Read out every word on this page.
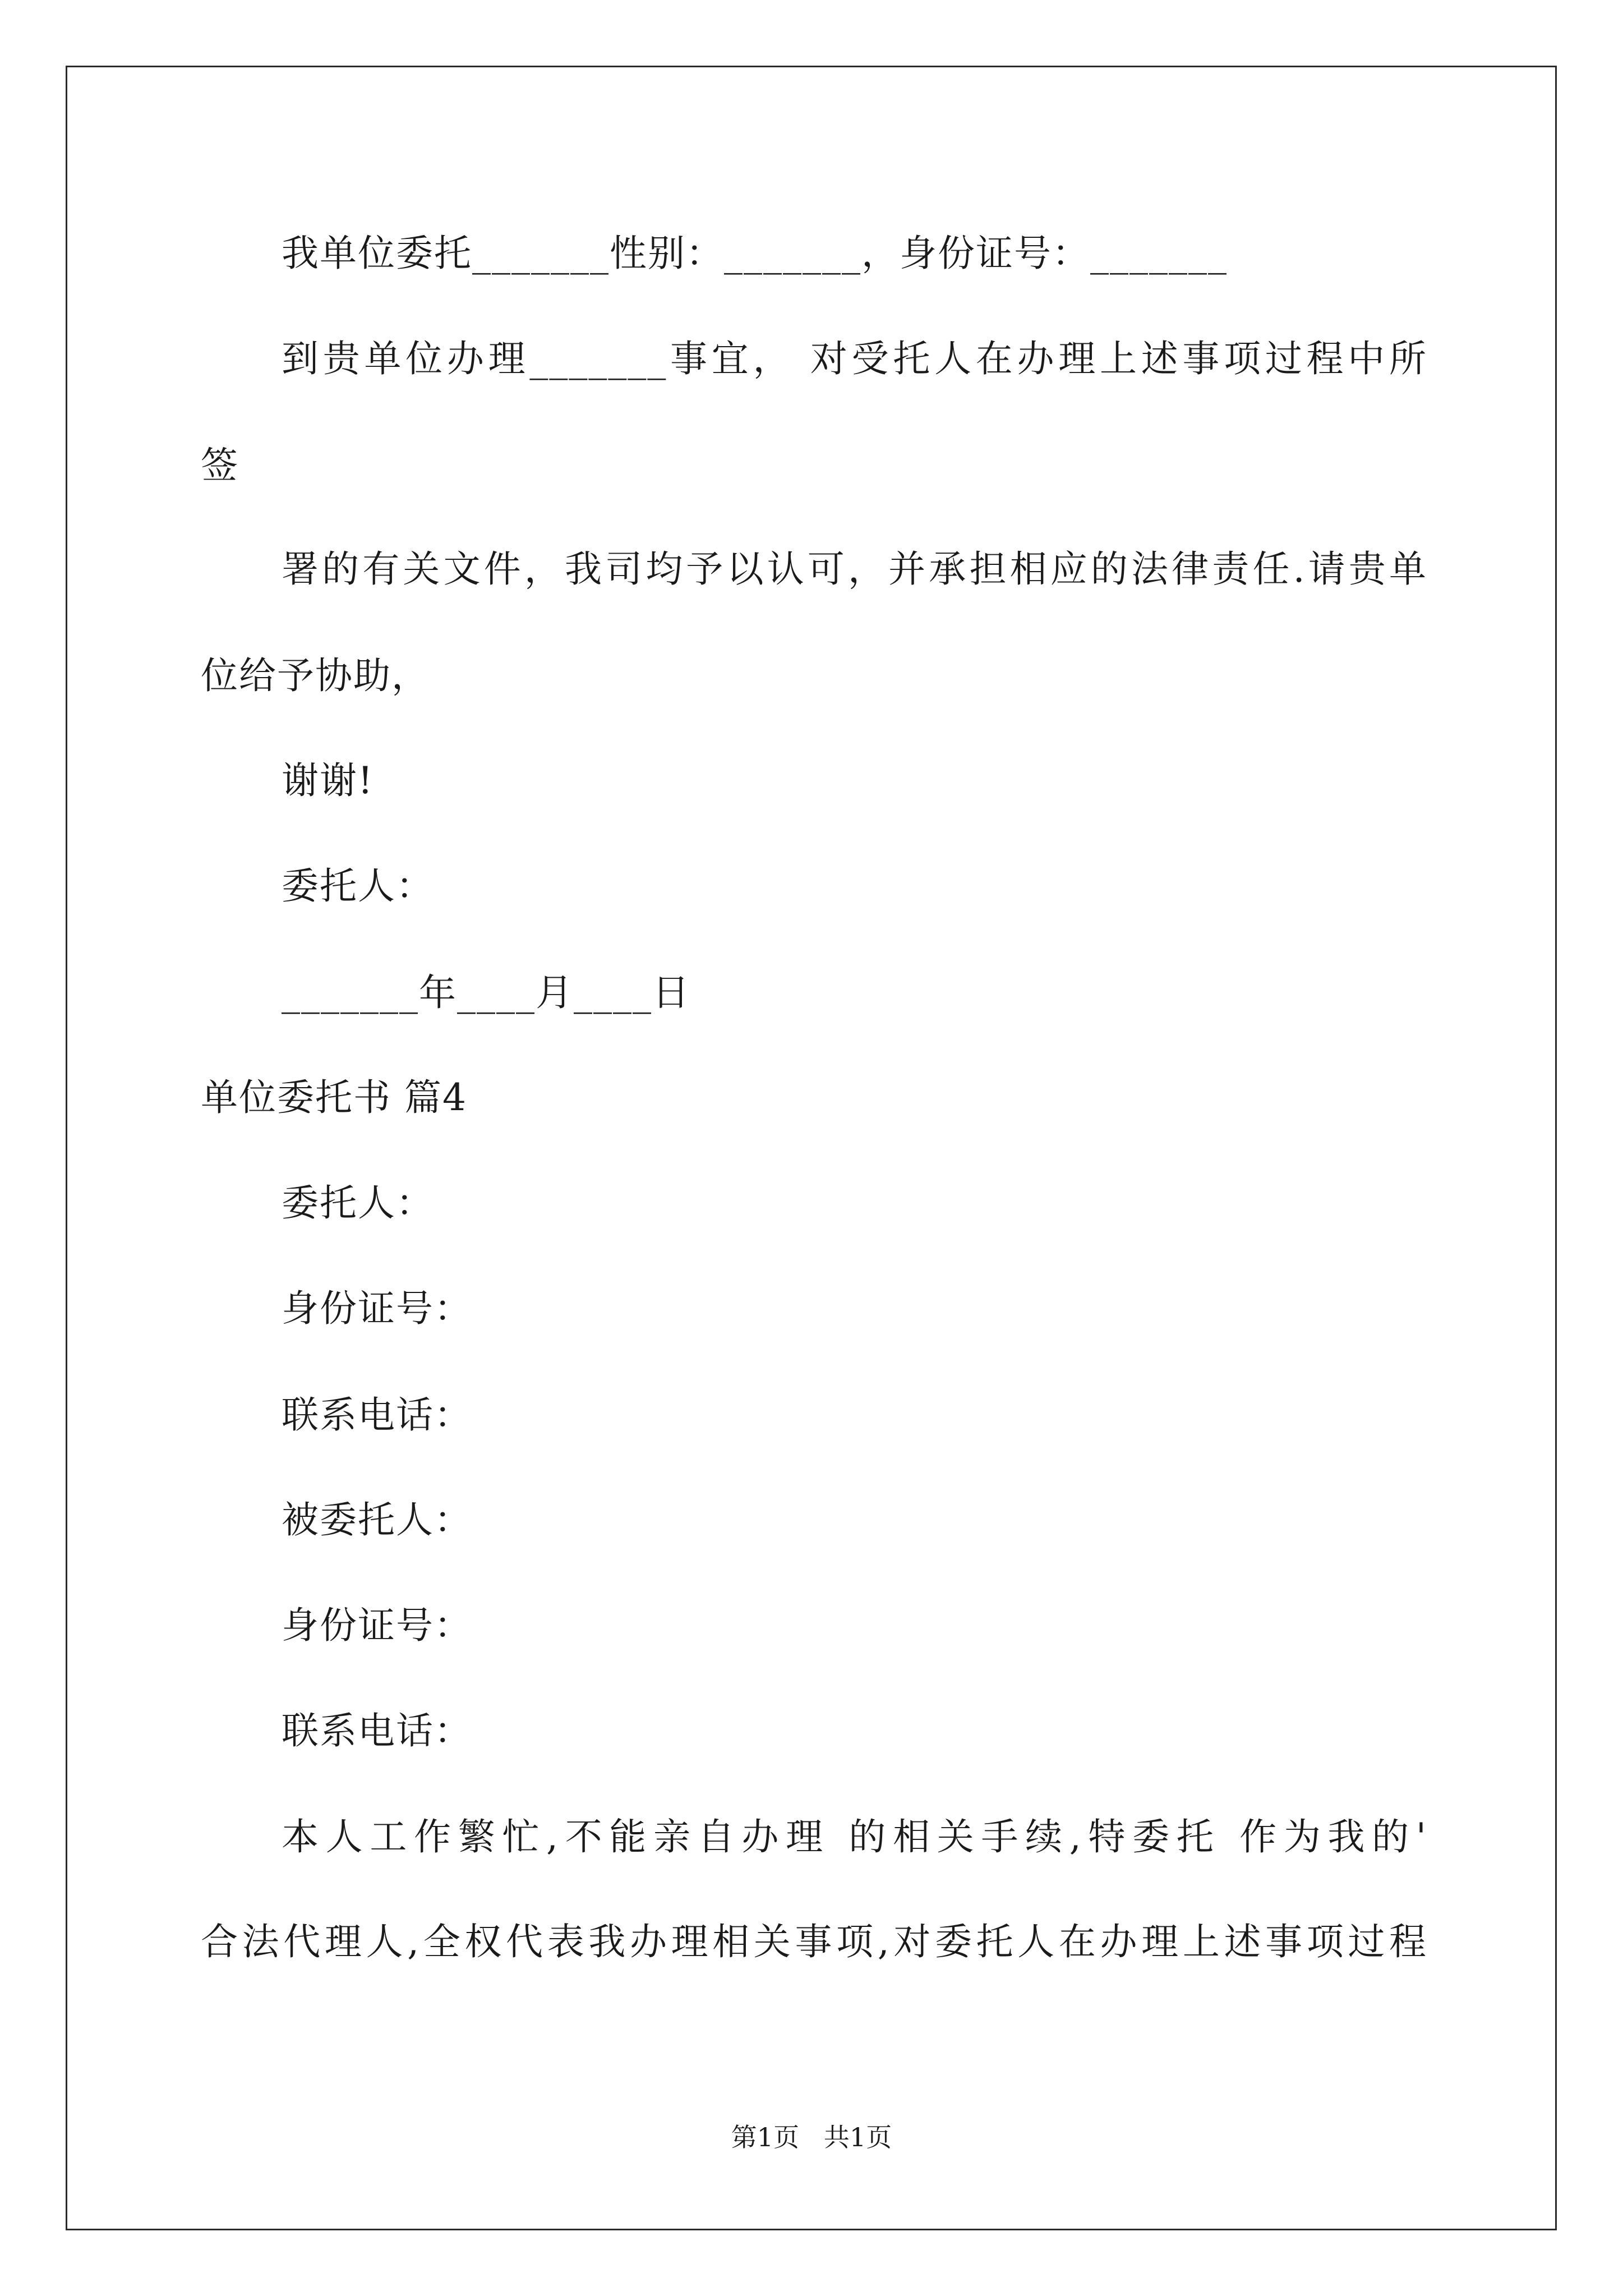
我单位委托_______性别：_______，身份证号：_______
到贵单位办理_______事宜， 对受托人在办理上述事项过程中所
签
署的有关文件，我司均予以认可，并承担相应的法律责任.请贵单
位给予协助，
谢谢!
委托人：
_______年____月____日
单位委托书 篇4
委托人：
身份证号：
联系电话：
被委托人：
身份证号：
联系电话：
本人工作繁忙,不能亲自办理 的相关手续,特委托 作为我的'
合法代理人,全权代表我办理相关事项,对委托人在办理上述事项过程
第1页   共1页
